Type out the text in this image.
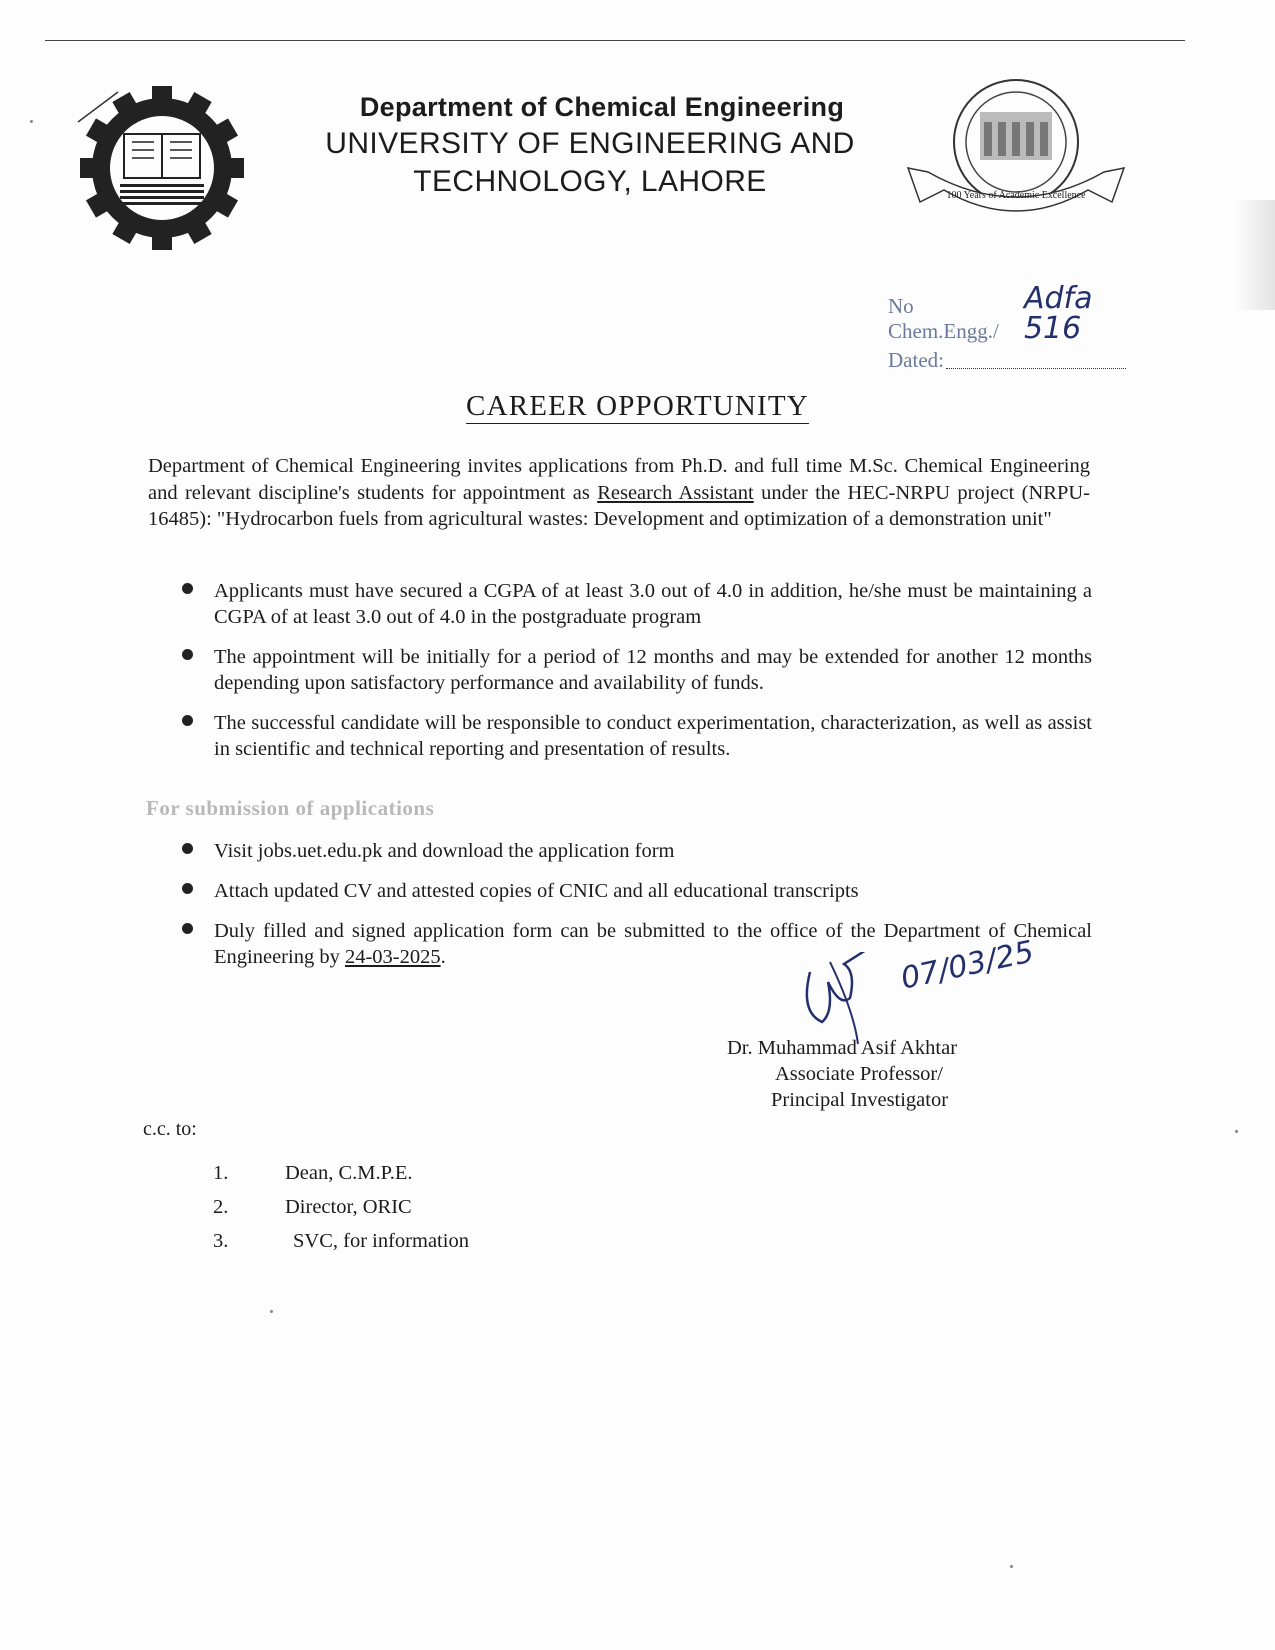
Department of Chemical Engineering
UNIVERSITY OF ENGINEERING AND
TECHNOLOGY, LAHORE	100 Years of Academic Excellence
No Chem.Engg./
Adfa 516
Dated:
CAREER OPPORTUNITY
Department of Chemical Engineering invites applications from Ph.D. and full time M.Sc. Chemical Engineering and relevant discipline's students for appointment as Research Assistant under the HEC-NRPU project (NRPU-16485): "Hydrocarbon fuels from agricultural wastes: Development and optimization of a demonstration unit"
Applicants must have secured a CGPA of at least 3.0 out of 4.0 in addition, he/she must be maintaining a CGPA of at least 3.0 out of 4.0 in the postgraduate program
The appointment will be initially for a period of 12 months and may be extended for another 12 months depending upon satisfactory performance and availability of funds.
The successful candidate will be responsible to conduct experimentation, characterization, as well as assist in scientific and technical reporting and presentation of results.
For submission of applications
Visit jobs.uet.edu.pk and download the application form
Attach updated CV and attested copies of CNIC and all educational transcripts
Duly filled and signed application form can be submitted to the office of the Department of Chemical Engineering by 24-03-2025.	07/03/25
Dr. Muhammad Asif Akhtar
Associate Professor/
Principal Investigator
c.c. to:
1.	Dean, C.M.P.E.
2.	Director, ORIC
3.	SVC, for information
